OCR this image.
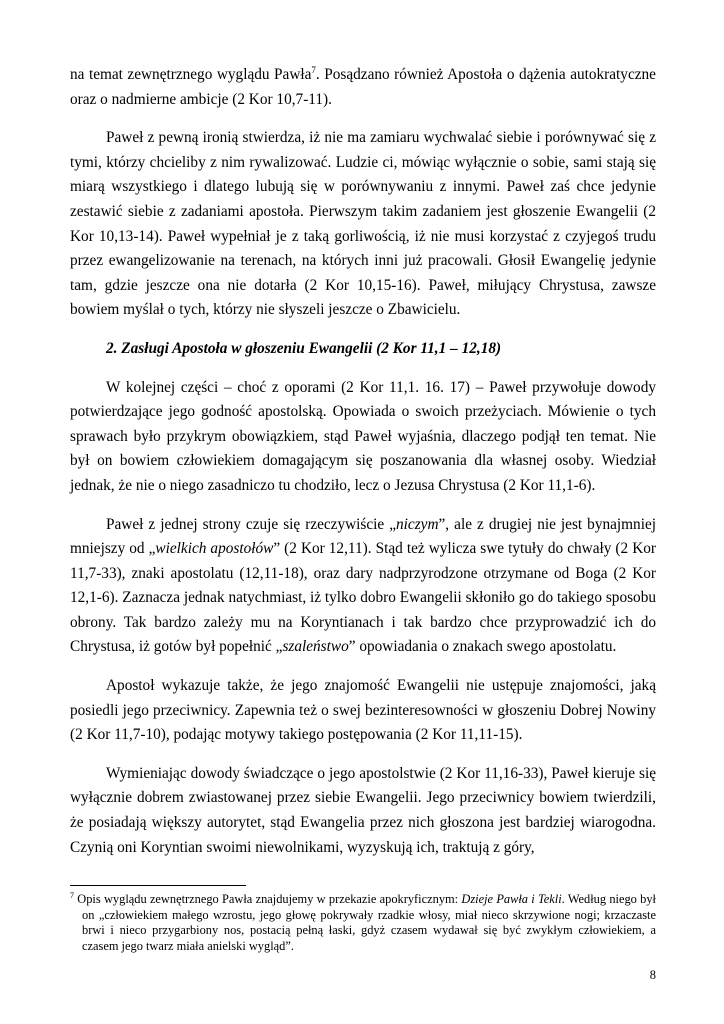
na temat zewnętrznego wyglądu Pawła$^7$. Posądzano również Apostoła o dążenia autokratyczne oraz o nadmierne ambicje (2 Kor 10,7-11).

Paweł z pewną ironią stwierdza, iż nie ma zamiaru wychwalać siebie i porównywać się z tymi, którzy chcieliby z nim rywalizować. Ludzie ci, mówiąc wyłącznie o sobie, sami stają się miarą wszystkiego i dlatego lubują się w porównywaniu z innymi. Paweł zaś chce jedynie zestawić siebie z zadaniami apostoła. Pierwszym takim zadaniem jest głoszenie Ewangelii (2 Kor 10,13-14). Paweł wypełniał je z taką gorliwością, iż nie musi korzystać z czyjegoś trudu przez ewangelizowanie na terenach, na których inni już pracowali. Głosił Ewangelię jedynie tam, gdzie jeszcze ona nie dotarła (2 Kor 10,15-16). Paweł, miłujący Chrystusa, zawsze bowiem myślał o tych, którzy nie słyszeli jeszcze o Zbawicielu.

2. Zasługi Apostoła w głoszeniu Ewangelii (2 Kor 11,1 – 12,18)

W kolejnej części – choć z oporami (2 Kor 11,1. 16. 17) – Paweł przywołuje dowody potwierdzające jego godność apostolską. Opowiada o swoich przeżyciach. Mówienie o tych sprawach było przykrym obowiązkiem, stąd Paweł wyjaśnia, dlaczego podjął ten temat. Nie był on bowiem człowiekiem domagającym się poszanowania dla własnej osoby. Wiedział jednak, że nie o niego zasadniczo tu chodziło, lecz o Jezusa Chrystusa (2 Kor 11,1-6).

Paweł z jednej strony czuje się rzeczywiście „niczym”, ale z drugiej nie jest bynajmniej mniejszy od „wielkich apostołów” (2 Kor 12,11). Stąd też wylicza swe tytuły do chwały (2 Kor 11,7-33), znaki apostolatu (12,11-18), oraz dary nadprzyrodzone otrzymane od Boga (2 Kor 12,1-6). Zaznacza jednak natychmiast, iż tylko dobro Ewangelii skłoniło go do takiego sposobu obrony. Tak bardzo zależy mu na Koryntianach i tak bardzo chce przyprowadzić ich do Chrystusa, iż gotów był popełnić „szaleństwo” opowiadania o znakach swego apostolatu.

Apostoł wykazuje także, że jego znajomość Ewangelii nie ustępuje znajomości, jaką posiedli jego przeciwnicy. Zapewnia też o swej bezinteresowności w głoszeniu Dobrej Nowiny (2 Kor 11,7-10), podając motywy takiego postępowania (2 Kor 11,11-15).

Wymieniając dowody świadczące o jego apostolstwie (2 Kor 11,16-33), Paweł kieruje się wyłącznie dobrem zwiastowanej przez siebie Ewangelii. Jego przeciwnicy bowiem twierdzili, że posiadają większy autorytet, stąd Ewangelia przez nich głoszona jest bardziej wiarogodna. Czynią oni Koryntian swoimi niewolnikami, wyzyskują ich, traktują z góry,

$^7$ Opis wyglądu zewnętrznego Pawła znajdujemy w przekazie apokryficznym: Dzieje Pawła i Tekli. Według niego był on „człowiekiem małego wzrostu, jego głowę pokrywały rzadkie włosy, miał nieco skrzywione nogi; krzaczaste brwi i nieco przygarbiony nos, postacią pełną łaski, gdyż czasem wydawał się być zwykłym człowiekiem, a czasem jego twarz miała anielski wygląd”.
8
